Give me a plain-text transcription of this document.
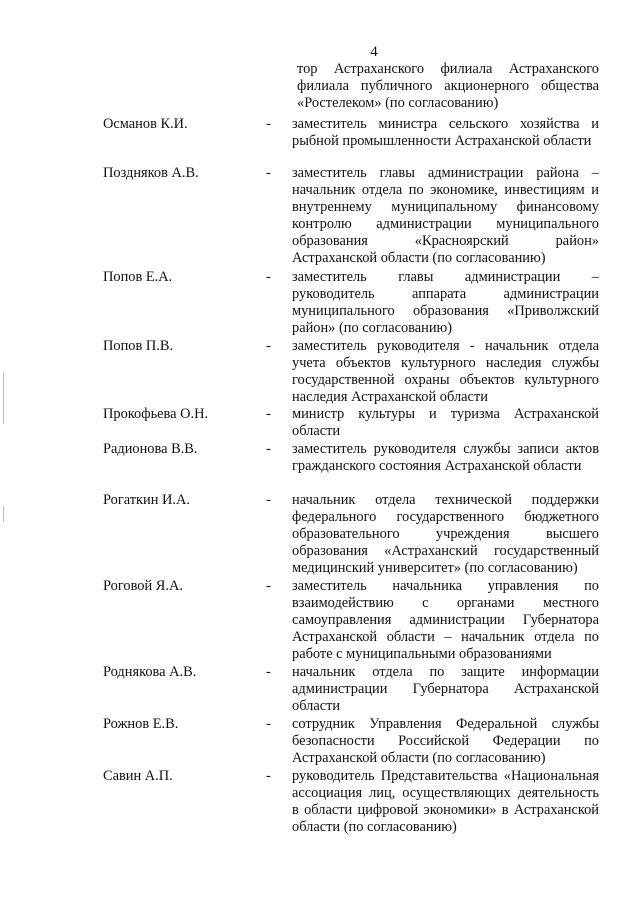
4
тор Астраханского филиала Астраханского филиала публичного акционерного общества «Ростелеком» (по согласованию)
Османов К.И.	- заместитель министра сельского хозяйства и рыбной промышленности Астраханской области
Поздняков А.В.	- заместитель главы администрации района – начальник отдела по экономике, инвестициям и внутреннему муниципальному финансовому контролю администрации муниципального образования «Красноярский район» Астраханской области (по согласованию)
Попов Е.А.	- заместитель главы администрации – руководитель аппарата администрации муниципального образования «Приволжский район» (по согласованию)
Попов П.В.	- заместитель руководителя - начальник отдела учета объектов культурного наследия службы государственной охраны объектов культурного наследия Астраханской области
Прокофьева О.Н.	- министр культуры и туризма Астраханской области
Радионова В.В.	- заместитель руководителя службы записи актов гражданского состояния Астраханской области
Рогаткин И.А.	- начальник отдела технической поддержки федерального государственного бюджетного образовательного учреждения высшего образования «Астраханский государственный медицинский университет» (по согласованию)
Роговой Я.А.	- заместитель начальника управления по взаимодействию с органами местного самоуправления администрации Губернатора Астраханской области – начальник отдела по работе с муниципальными образованиями
Роднякова А.В.	- начальник отдела по защите информации администрации Губернатора Астраханской области
Рожнов Е.В.	- сотрудник Управления Федеральной службы безопасности Российской Федерации по Астраханской области (по согласованию)
Савин А.П.	- руководитель Представительства «Национальная ассоциация лиц, осуществляющих деятельность в области цифровой экономики» в Астраханской области (по согласованию)
